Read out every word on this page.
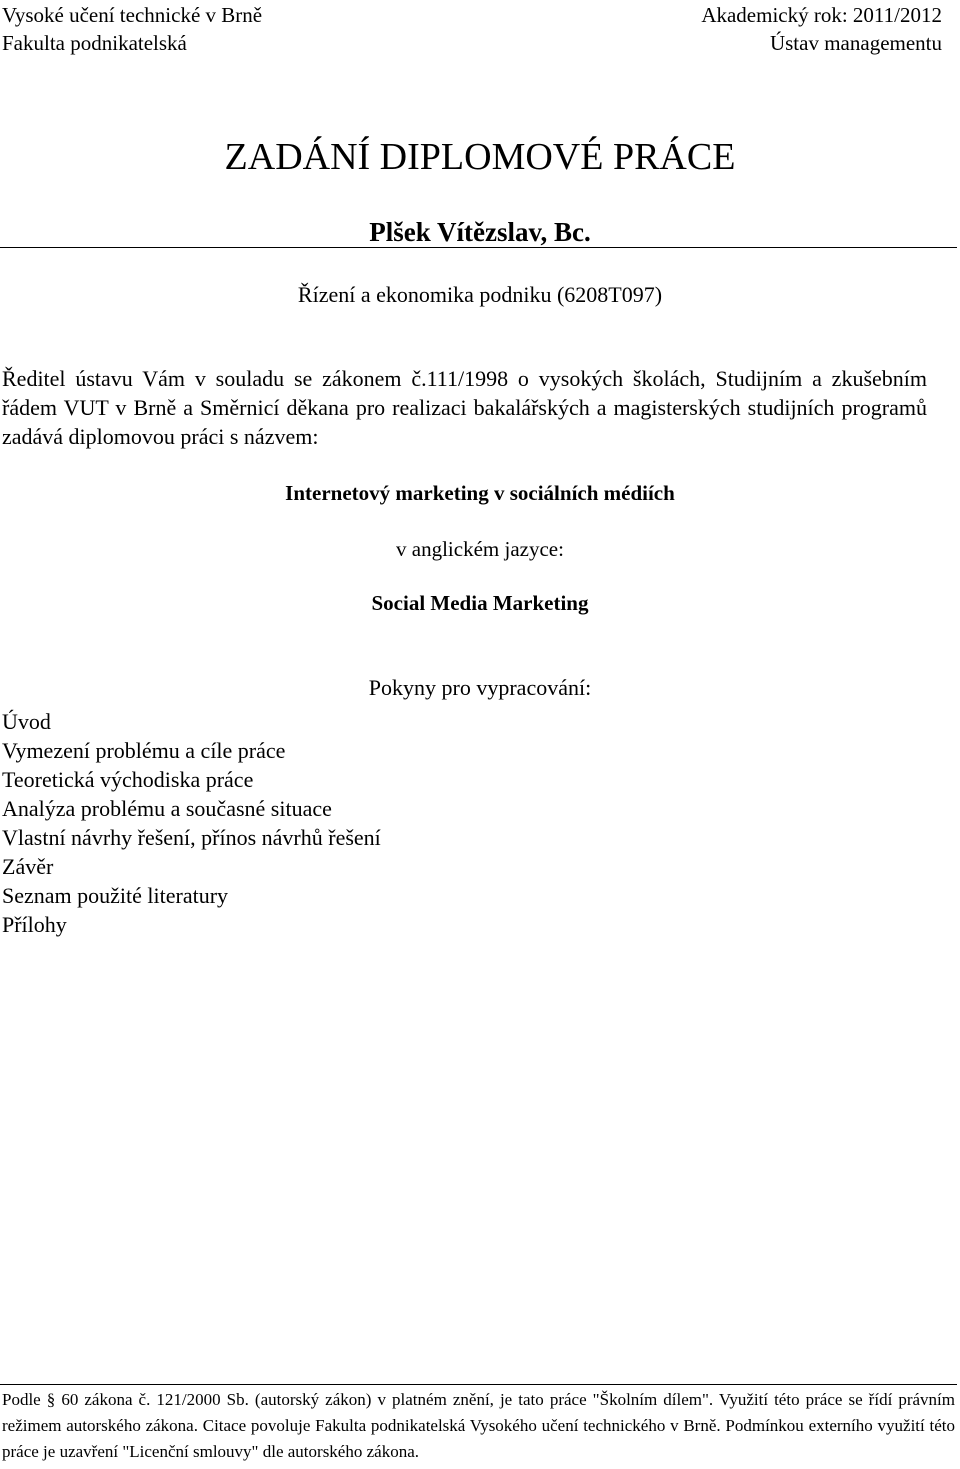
Vysoké učení technické v Brně
Fakulta podnikatelská
Akademický rok: 2011/2012
Ústav managementu
ZADÁNÍ DIPLOMOVÉ PRÁCE
Plšek Vítězslav, Bc.
Řízení a ekonomika podniku (6208T097)
Ředitel ústavu Vám v souladu se zákonem č.111/1998 o vysokých školách, Studijním a zkušebním řádem VUT v Brně a Směrnicí děkana pro realizaci bakalářských a magisterských studijních programů zadává diplomovou práci s názvem:
Internetový marketing v sociálních médiích
v anglickém jazyce:
Social Media Marketing
Pokyny pro vypracování:
Úvod
Vymezení problému a cíle práce
Teoretická východiska práce
Analýza problému a současné situace
Vlastní návrhy řešení, přínos návrhů řešení
Závěr
Seznam použité literatury
Přílohy
Podle § 60 zákona č. 121/2000 Sb. (autorský zákon) v platném znění, je tato práce "Školním dílem". Využití této práce se řídí právním režimem autorského zákona. Citace povoluje Fakulta podnikatelská Vysokého učení technického v Brně. Podmínkou externího využití této práce je uzavření "Licenční smlouvy" dle autorského zákona.
